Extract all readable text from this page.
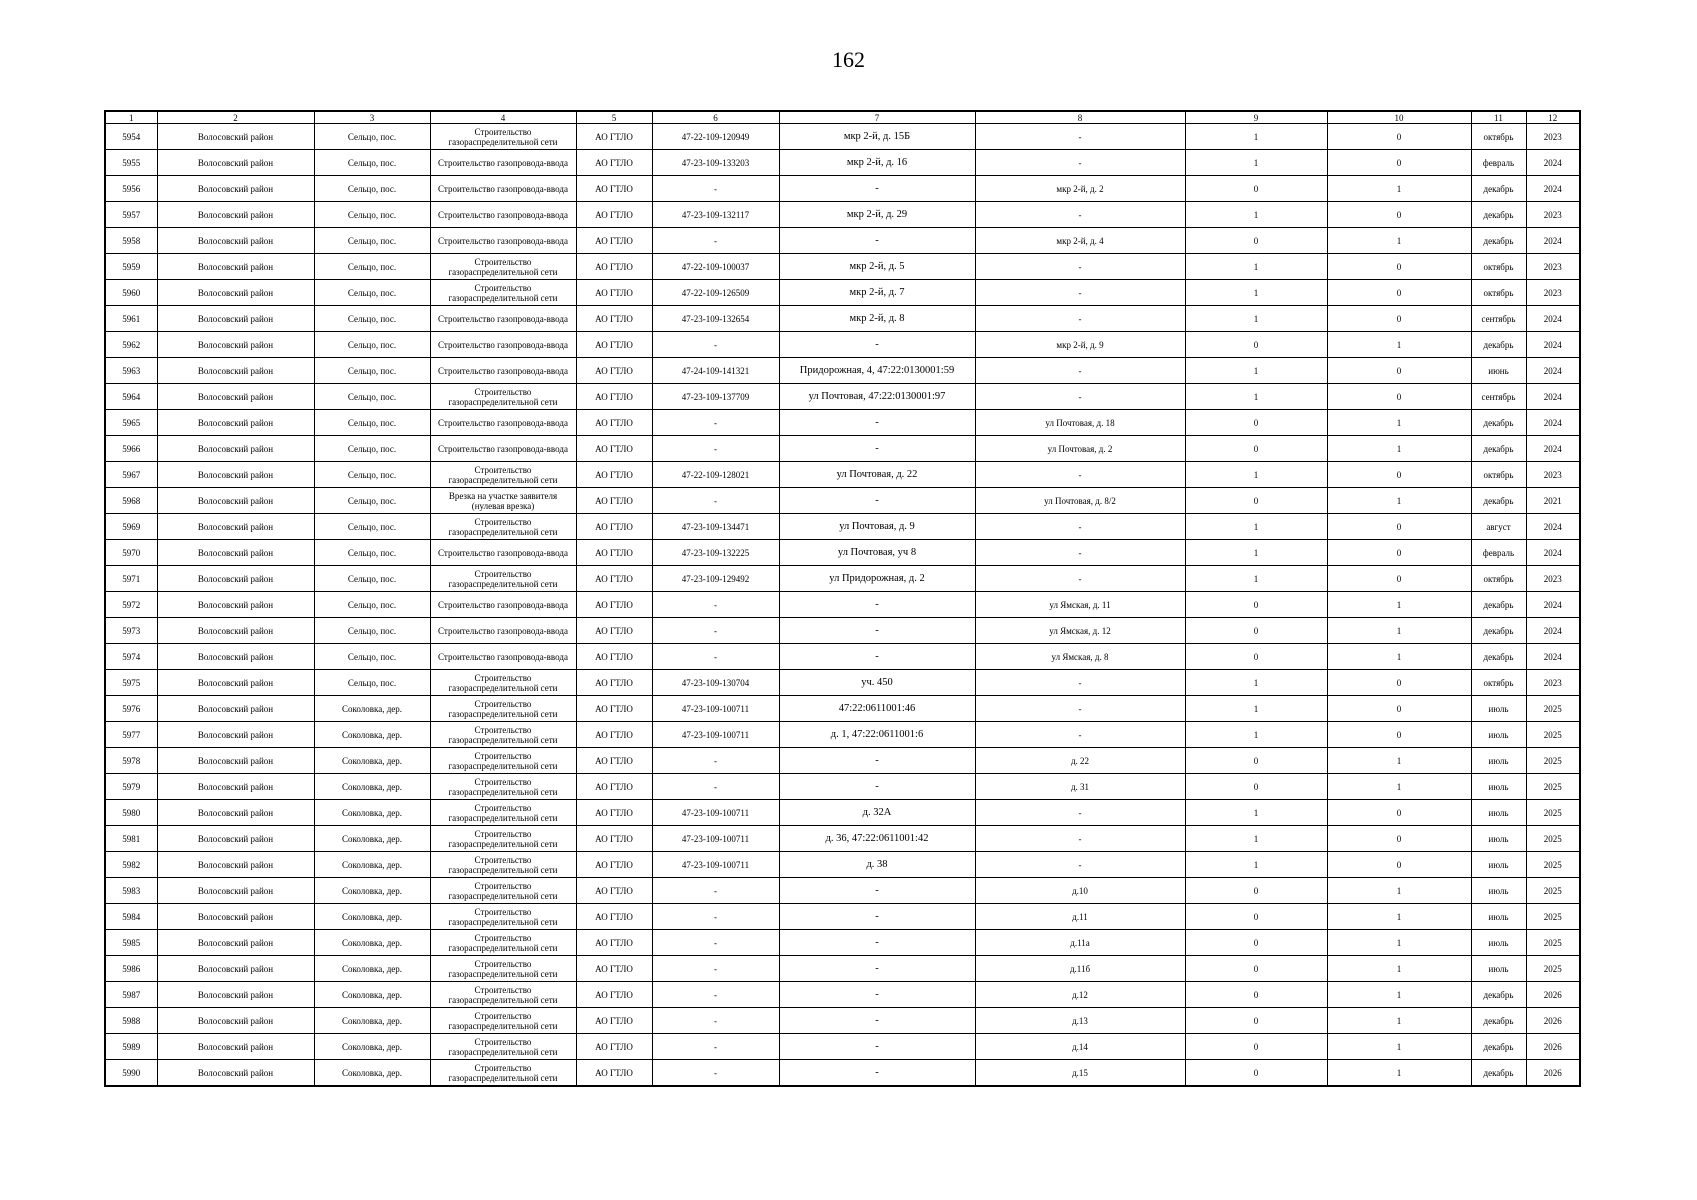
162
1	2	3	4	5	6	7	8	9	10	11	12
5954	Волосовский район	Сельцо, пос.	Строительство газораспределительной сети	АО ГТЛО	47-22-109-120949	мкр 2-й, д. 15Б	-	1	0	октябрь	2023
5955	Волосовский район	Сельцо, пос.	Строительство газопровода-ввода	АО ГТЛО	47-23-109-133203	мкр 2-й, д. 16	-	1	0	февраль	2024
5956	Волосовский район	Сельцо, пос.	Строительство газопровода-ввода	АО ГТЛО	-	-	мкр 2-й, д. 2	0	1	декабрь	2024
5957	Волосовский район	Сельцо, пос.	Строительство газопровода-ввода	АО ГТЛО	47-23-109-132117	мкр 2-й, д. 29	-	1	0	декабрь	2023
5958	Волосовский район	Сельцо, пос.	Строительство газопровода-ввода	АО ГТЛО	-	-	мкр 2-й, д. 4	0	1	декабрь	2024
5959	Волосовский район	Сельцо, пос.	Строительство газораспределительной сети	АО ГТЛО	47-22-109-100037	мкр 2-й, д. 5	-	1	0	октябрь	2023
5960	Волосовский район	Сельцо, пос.	Строительство газораспределительной сети	АО ГТЛО	47-22-109-126509	мкр 2-й, д. 7	-	1	0	октябрь	2023
5961	Волосовский район	Сельцо, пос.	Строительство газопровода-ввода	АО ГТЛО	47-23-109-132654	мкр 2-й, д. 8	-	1	0	сентябрь	2024
5962	Волосовский район	Сельцо, пос.	Строительство газопровода-ввода	АО ГТЛО	-	-	мкр 2-й, д. 9	0	1	декабрь	2024
5963	Волосовский район	Сельцо, пос.	Строительство газопровода-ввода	АО ГТЛО	47-24-109-141321	Придорожная, 4, 47:22:0130001:59	-	1	0	июнь	2024
5964	Волосовский район	Сельцо, пос.	Строительство газораспределительной сети	АО ГТЛО	47-23-109-137709	ул Почтовая, 47:22:0130001:97	-	1	0	сентябрь	2024
5965	Волосовский район	Сельцо, пос.	Строительство газопровода-ввода	АО ГТЛО	-	-	ул Почтовая, д. 18	0	1	декабрь	2024
5966	Волосовский район	Сельцо, пос.	Строительство газопровода-ввода	АО ГТЛО	-	-	ул Почтовая, д. 2	0	1	декабрь	2024
5967	Волосовский район	Сельцо, пос.	Строительство газораспределительной сети	АО ГТЛО	47-22-109-128021	ул Почтовая, д. 22	-	1	0	октябрь	2023
5968	Волосовский район	Сельцо, пос.	Врезка на участке заявителя (нулевая врезка)	АО ГТЛО	-	-	ул Почтовая, д. 8/2	0	1	декабрь	2021
5969	Волосовский район	Сельцо, пос.	Строительство газораспределительной сети	АО ГТЛО	47-23-109-134471	ул Почтовая, д. 9	-	1	0	август	2024
5970	Волосовский район	Сельцо, пос.	Строительство газопровода-ввода	АО ГТЛО	47-23-109-132225	ул Почтовая, уч 8	-	1	0	февраль	2024
5971	Волосовский район	Сельцо, пос.	Строительство газораспределительной сети	АО ГТЛО	47-23-109-129492	ул Придорожная, д. 2	-	1	0	октябрь	2023
5972	Волосовский район	Сельцо, пос.	Строительство газопровода-ввода	АО ГТЛО	-	-	ул Ямская, д. 11	0	1	декабрь	2024
5973	Волосовский район	Сельцо, пос.	Строительство газопровода-ввода	АО ГТЛО	-	-	ул Ямская, д. 12	0	1	декабрь	2024
5974	Волосовский район	Сельцо, пос.	Строительство газопровода-ввода	АО ГТЛО	-	-	ул Ямская, д. 8	0	1	декабрь	2024
5975	Волосовский район	Сельцо, пос.	Строительство газораспределительной сети	АО ГТЛО	47-23-109-130704	уч. 450	-	1	0	октябрь	2023
5976	Волосовский район	Соколовка, дер.	Строительство газораспределительной сети	АО ГТЛО	47-23-109-100711	47:22:0611001:46	-	1	0	июль	2025
5977	Волосовский район	Соколовка, дер.	Строительство газораспределительной сети	АО ГТЛО	47-23-109-100711	д. 1, 47:22:0611001:6	-	1	0	июль	2025
5978	Волосовский район	Соколовка, дер.	Строительство газораспределительной сети	АО ГТЛО	-	-	д. 22	0	1	июль	2025
5979	Волосовский район	Соколовка, дер.	Строительство газораспределительной сети	АО ГТЛО	-	-	д. 31	0	1	июль	2025
5980	Волосовский район	Соколовка, дер.	Строительство газораспределительной сети	АО ГТЛО	47-23-109-100711	д. 32А	-	1	0	июль	2025
5981	Волосовский район	Соколовка, дер.	Строительство газораспределительной сети	АО ГТЛО	47-23-109-100711	д. 36, 47:22:0611001:42	-	1	0	июль	2025
5982	Волосовский район	Соколовка, дер.	Строительство газораспределительной сети	АО ГТЛО	47-23-109-100711	д. 38	-	1	0	июль	2025
5983	Волосовский район	Соколовка, дер.	Строительство газораспределительной сети	АО ГТЛО	-	-	д.10	0	1	июль	2025
5984	Волосовский район	Соколовка, дер.	Строительство газораспределительной сети	АО ГТЛО	-	-	д.11	0	1	июль	2025
5985	Волосовский район	Соколовка, дер.	Строительство газораспределительной сети	АО ГТЛО	-	-	д.11а	0	1	июль	2025
5986	Волосовский район	Соколовка, дер.	Строительство газораспределительной сети	АО ГТЛО	-	-	д.11б	0	1	июль	2025
5987	Волосовский район	Соколовка, дер.	Строительство газораспределительной сети	АО ГТЛО	-	-	д.12	0	1	декабрь	2026
5988	Волосовский район	Соколовка, дер.	Строительство газораспределительной сети	АО ГТЛО	-	-	д.13	0	1	декабрь	2026
5989	Волосовский район	Соколовка, дер.	Строительство газораспределительной сети	АО ГТЛО	-	-	д.14	0	1	декабрь	2026
5990	Волосовский район	Соколовка, дер.	Строительство газораспределительной сети	АО ГТЛО	-	-	д.15	0	1	декабрь	2026
